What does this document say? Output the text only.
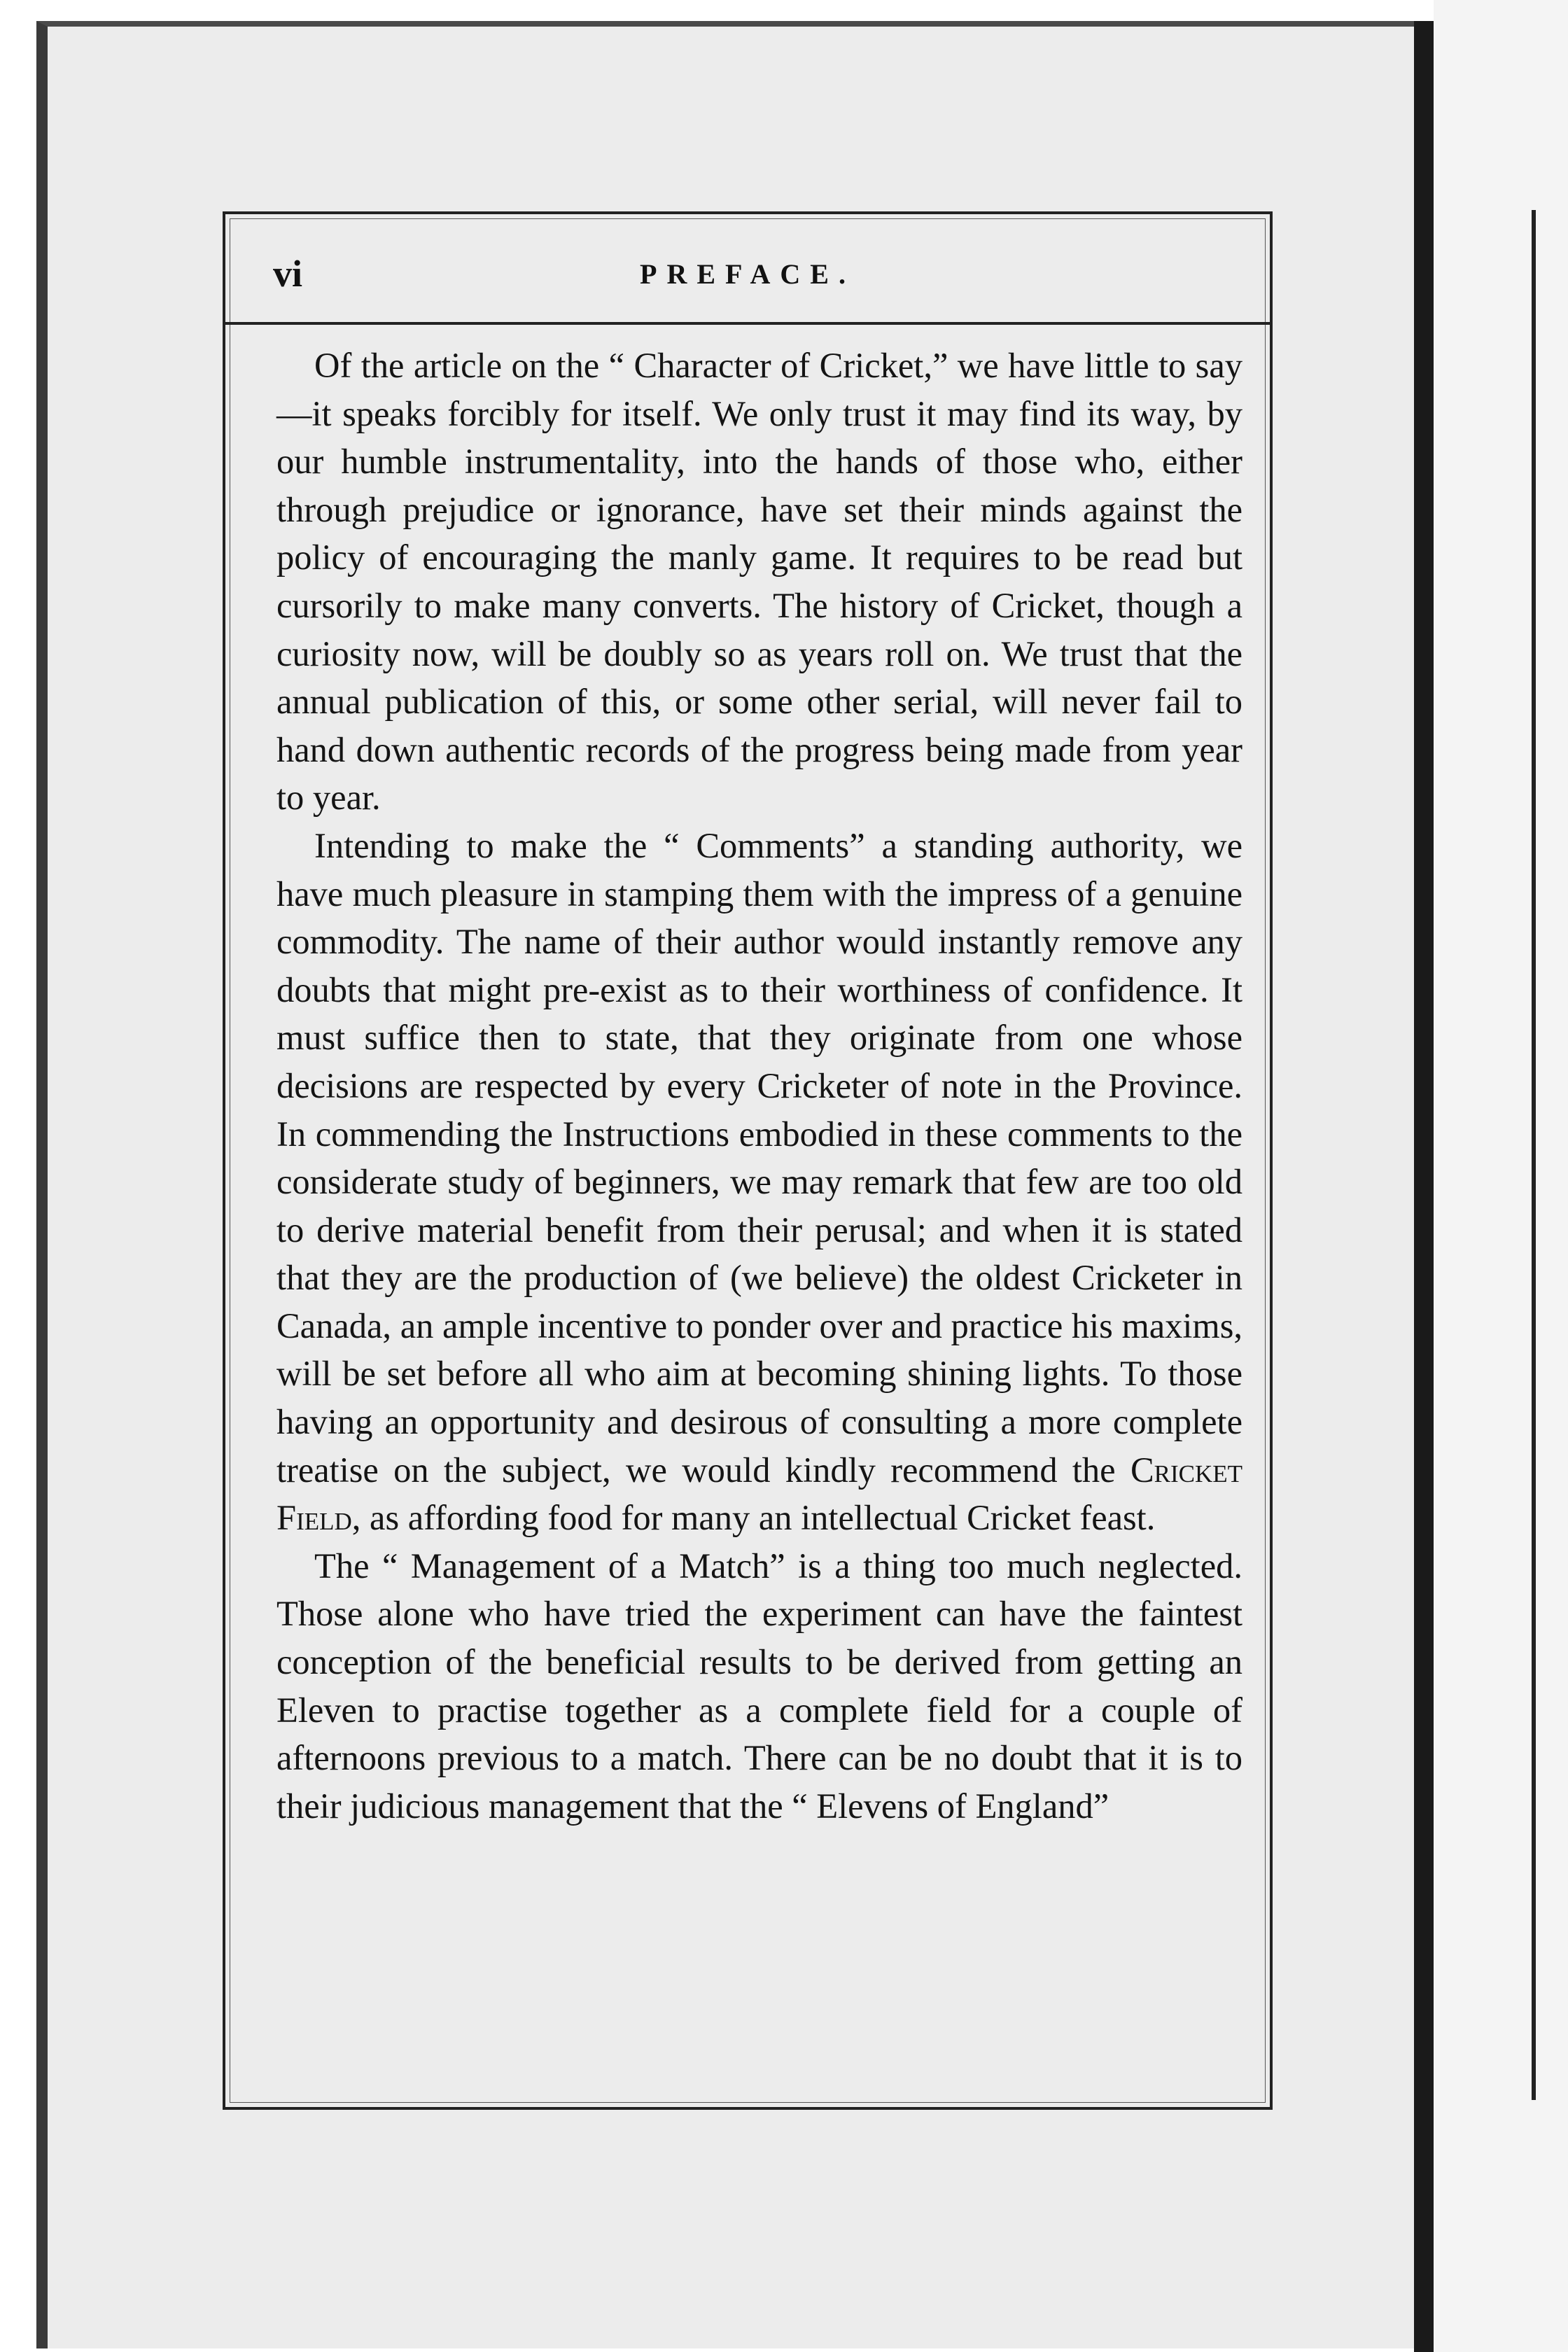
vi	PREFACE.

Of the article on the “ Character of Cricket,” we have little to say—it speaks forcibly for itself. We only trust it may find its way, by our humble instrumentality, into the hands of those who, either through prejudice or ignorance, have set their minds against the policy of encouraging the manly game. It requires to be read but cursorily to make many converts. The history of Cricket, though a curiosity now, will be doubly so as years roll on. We trust that the annual publication of this, or some other serial, will never fail to hand down authentic records of the progress being made from year to year.

Intending to make the “ Comments” a standing authority, we have much pleasure in stamping them with the impress of a genuine commodity. The name of their author would instantly remove any doubts that might pre-exist as to their worthiness of confidence. It must suffice then to state, that they originate from one whose decisions are respected by every Cricketer of note in the Province. In commending the Instructions embodied in these comments to the considerate study of beginners, we may remark that few are too old to derive material benefit from their perusal; and when it is stated that they are the production of (we believe) the oldest Cricketer in Canada, an ample incentive to ponder over and practice his maxims, will be set before all who aim at becoming shining lights. To those having an opportunity and desirous of consulting a more complete treatise on the subject, we would kindly recommend the Cricket Field, as affording food for many an intellectual Cricket feast.

The “ Management of a Match” is a thing too much neglected. Those alone who have tried the experiment can have the faintest conception of the beneficial results to be derived from getting an Eleven to practise together as a complete field for a couple of afternoons previous to a match. There can be no doubt that it is to their judicious management that the “ Elevens of England”
